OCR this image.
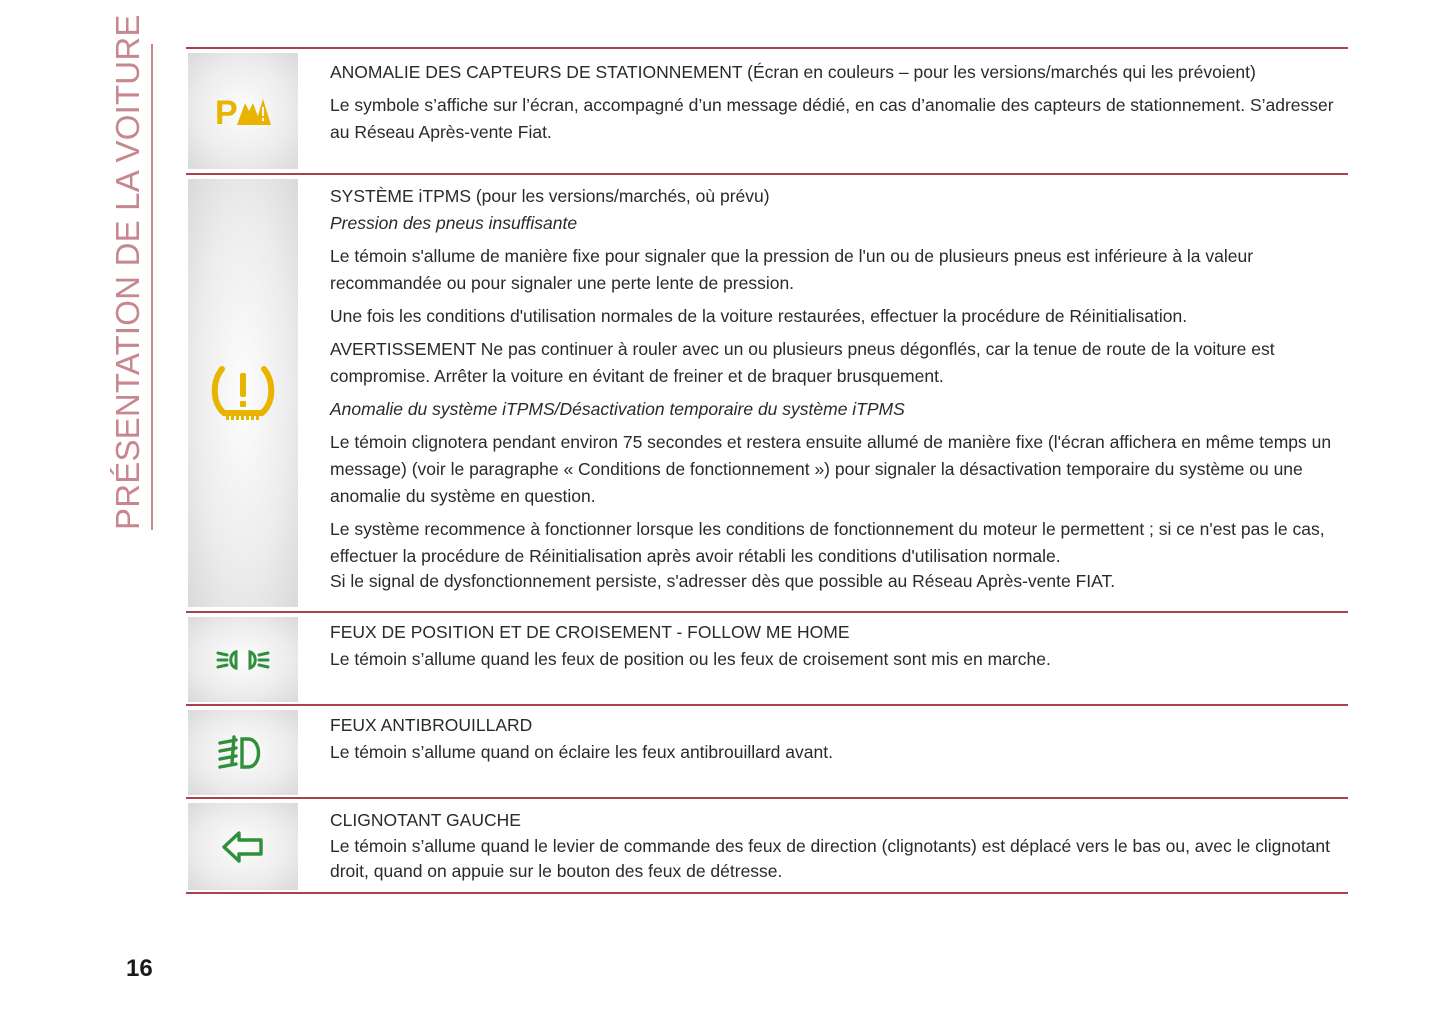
PRÉSENTATION DE LA VOITURE P

ANOMALIE DES CAPTEURS DE STATIONNEMENT (Écran en couleurs – pour les versions/marchés qui les prévoient)

Le symbole s’affiche sur l’écran, accompagné d’un message dédié, en cas d’anomalie des capteurs de stationnement. S’adresser au Réseau Après-vente Fiat.

SYSTÈME iTPMS (pour les versions/marchés, où prévu)

Pression des pneus insuffisante

Le témoin s'allume de manière fixe pour signaler que la pression de l'un ou de plusieurs pneus est inférieure à la valeur recommandée ou pour signaler une perte lente de pression.

Une fois les conditions d'utilisation normales de la voiture restaurées, effectuer la procédure de Réinitialisation.

AVERTISSEMENT Ne pas continuer à rouler avec un ou plusieurs pneus dégonflés, car la tenue de route de la voiture est compromise. Arrêter la voiture en évitant de freiner et de braquer brusquement.

Anomalie du système iTPMS/Désactivation temporaire du système iTPMS

Le témoin clignotera pendant environ 75 secondes et restera ensuite allumé de manière fixe (l'écran affichera en même temps un message) (voir le paragraphe « Conditions de fonctionnement ») pour signaler la désactivation temporaire du système ou une anomalie du système en question.

Le système recommence à fonctionner lorsque les conditions de fonctionnement du moteur le permettent ; si ce n'est pas le cas, effectuer la procédure de Réinitialisation après avoir rétabli les conditions d'utilisation normale.

Si le signal de dysfonctionnement persiste, s'adresser dès que possible au Réseau Après-vente FIAT.

FEUX DE POSITION ET DE CROISEMENT - FOLLOW ME HOME

Le témoin s’allume quand les feux de position ou les feux de croisement sont mis en marche.

FEUX ANTIBROUILLARD

Le témoin s’allume quand on éclaire les feux antibrouillard avant.

CLIGNOTANT GAUCHE

Le témoin s’allume quand le levier de commande des feux de direction (clignotants) est déplacé vers le bas ou, avec le clignotant droit, quand on appuie sur le bouton des feux de détresse.

16
